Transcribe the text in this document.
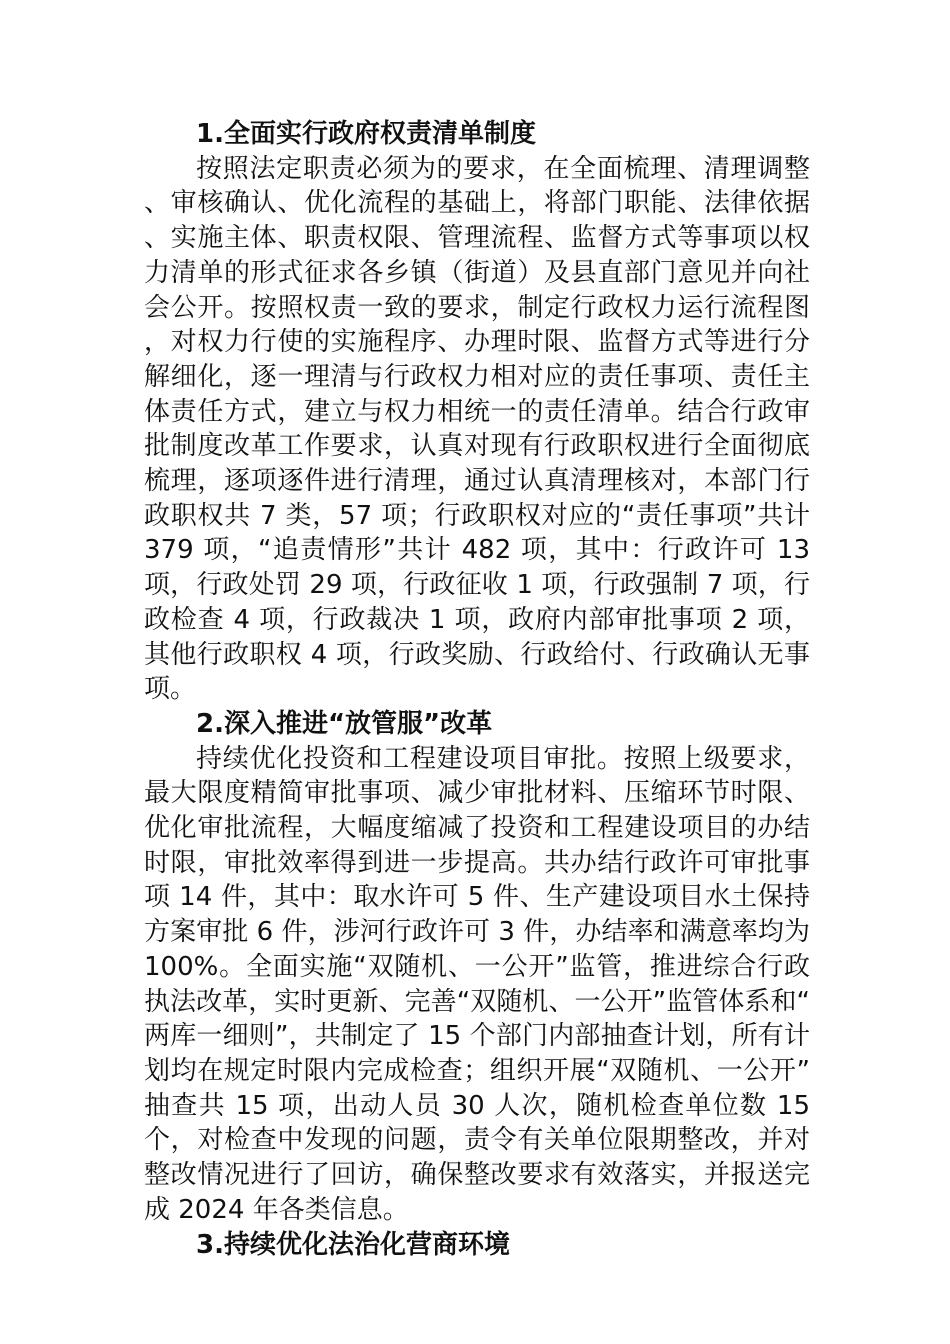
1.全面实行政府权责清单制度

按照法定职责必须为的要求，在全面梳理、清理调整、审核确认、优化流程的基础上，将部门职能、法律依据、实施主体、职责权限、管理流程、监督方式等事项以权力清单的形式征求各乡镇（街道）及县直部门意见并向社会公开。按照权责一致的要求，制定行政权力运行流程图，对权力行使的实施程序、办理时限、监督方式等进行分解细化，逐一理清与行政权力相对应的责任事项、责任主体责任方式，建立与权力相统一的责任清单。结合行政审批制度改革工作要求，认真对现有行政职权进行全面彻底梳理，逐项逐件进行清理，通过认真清理核对，本部门行政职权共 7 类，57 项；行政职权对应的“责任事项”共计 379 项，“追责情形”共计 482 项，其中：行政许可 13 项，行政处罚 29 项，行政征收 1 项，行政强制 7 项，行政检查 4 项，行政裁决 1 项，政府内部审批事项 2 项，其他行政职权 4 项，行政奖励、行政给付、行政确认无事项。

2.深入推进“放管服”改革

持续优化投资和工程建设项目审批。按照上级要求，最大限度精简审批事项、减少审批材料、压缩环节时限、优化审批流程，大幅度缩减了投资和工程建设项目的办结时限，审批效率得到进一步提高。共办结行政许可审批事项 14 件，其中：取水许可 5 件、生产建设项目水土保持方案审批 6 件，涉河行政许可 3 件，办结率和满意率均为 100%。全面实施“双随机、一公开”监管，推进综合行政执法改革，实时更新、完善“双随机、一公开”监管体系和“两库一细则”，共制定了 15 个部门内部抽查计划，所有计划均在规定时限内完成检查；组织开展“双随机、一公开”抽查共 15 项，出动人员 30 人次，随机检查单位数 15 个，对检查中发现的问题，责令有关单位限期整改，并对整改情况进行了回访，确保整改要求有效落实，并报送完成 2024 年各类信息。

3.持续优化法治化营商环境
